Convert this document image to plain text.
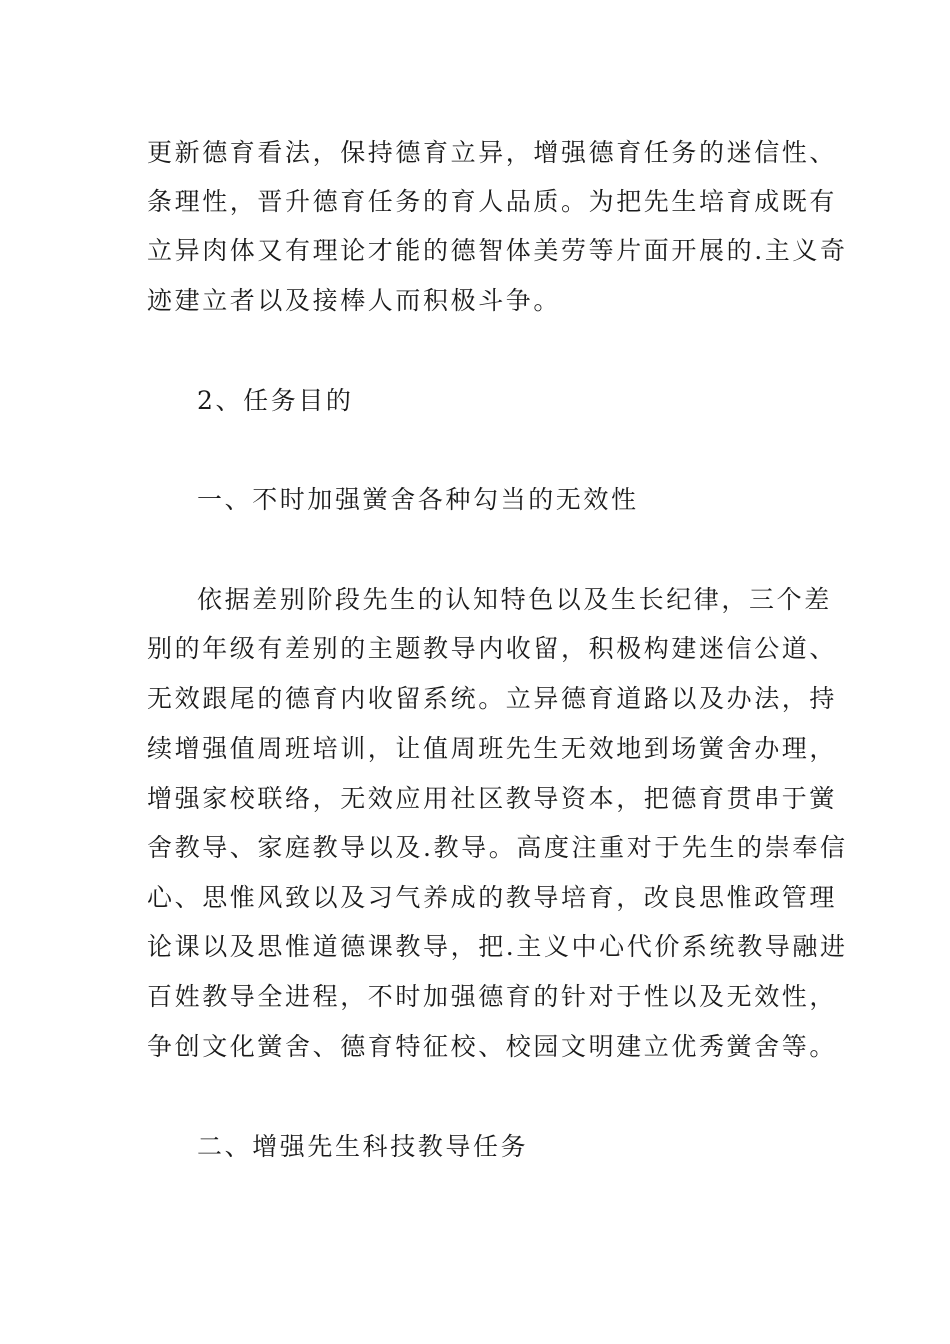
更新德育看法，保持德育立异，增强德育任务的迷信性、
条理性，晋升德育任务的育人品质。为把先生培育成既有
立异肉体又有理论才能的德智体美劳等片面开展的.主义奇
迹建立者以及接棒人而积极斗争。
2、任务目的
一、不时加强黉舍各种勾当的无效性
依据差别阶段先生的认知特色以及生长纪律，三个差
别的年级有差别的主题教导内收留，积极构建迷信公道、
无效跟尾的德育内收留系统。立异德育道路以及办法，持
续增强值周班培训，让值周班先生无效地到场黉舍办理，
增强家校联络，无效应用社区教导资本，把德育贯串于黉
舍教导、家庭教导以及.教导。高度注重对于先生的崇奉信
心、思惟风致以及习气养成的教导培育，改良思惟政管理
论课以及思惟道德课教导，把.主义中心代价系统教导融进
百姓教导全进程，不时加强德育的针对于性以及无效性，
争创文化黉舍、德育特征校、校园文明建立优秀黉舍等。
二、增强先生科技教导任务
